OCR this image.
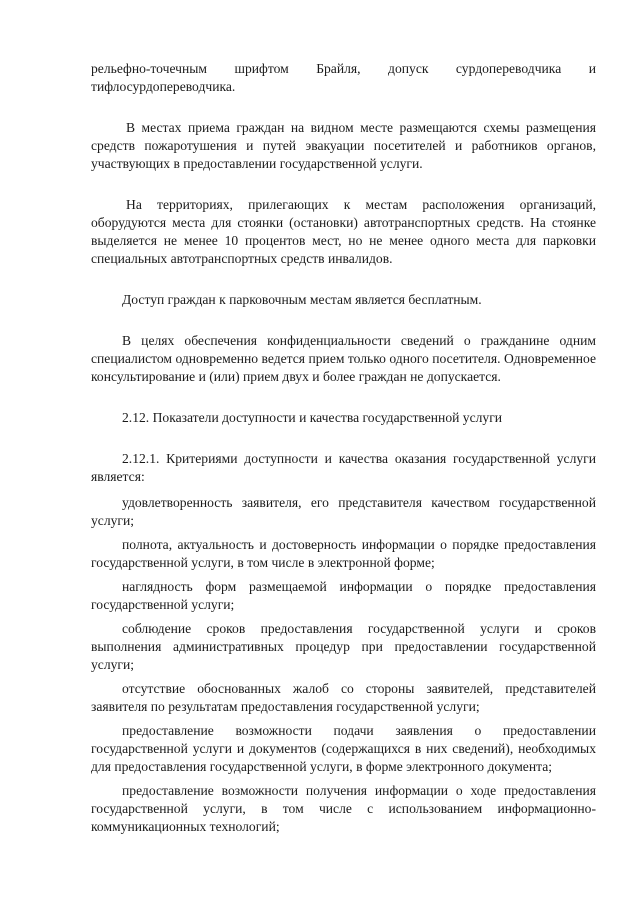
рельефно-точечным шрифтом Брайля, допуск сурдопереводчика и тифлосурдопереводчика.

В местах приема граждан на видном месте размещаются схемы размещения средств пожаротушения и путей эвакуации посетителей и работников органов, участвующих в предоставлении государственной услуги.

На территориях, прилегающих к местам расположения организаций, оборудуются места для стоянки (остановки) автотранспортных средств. На стоянке выделяется не менее 10 процентов мест, но не менее одного места для парковки специальных автотранспортных средств инвалидов.

Доступ граждан к парковочным местам является бесплатным.

В целях обеспечения конфиденциальности сведений о гражданине одним специалистом одновременно ведется прием только одного посетителя. Одновременное консультирование и (или) прием двух и более граждан не допускается.

2.12. Показатели доступности и качества государственной услуги

2.12.1. Критериями доступности и качества оказания государственной услуги является:

удовлетворенность заявителя, его представителя качеством государственной услуги;

полнота, актуальность и достоверность информации о порядке предоставления государственной услуги, в том числе в электронной форме;

наглядность форм размещаемой информации о порядке предоставления государственной услуги;

соблюдение сроков предоставления государственной услуги и сроков выполнения административных процедур при предоставлении государственной услуги;

отсутствие обоснованных жалоб со стороны заявителей, представителей заявителя по результатам предоставления государственной услуги;

предоставление возможности подачи заявления о предоставлении государственной услуги и документов (содержащихся в них сведений), необходимых для предоставления государственной услуги, в форме электронного документа;

предоставление возможности получения информации о ходе предоставления государственной услуги, в том числе с использованием информационно-коммуникационных технологий;
